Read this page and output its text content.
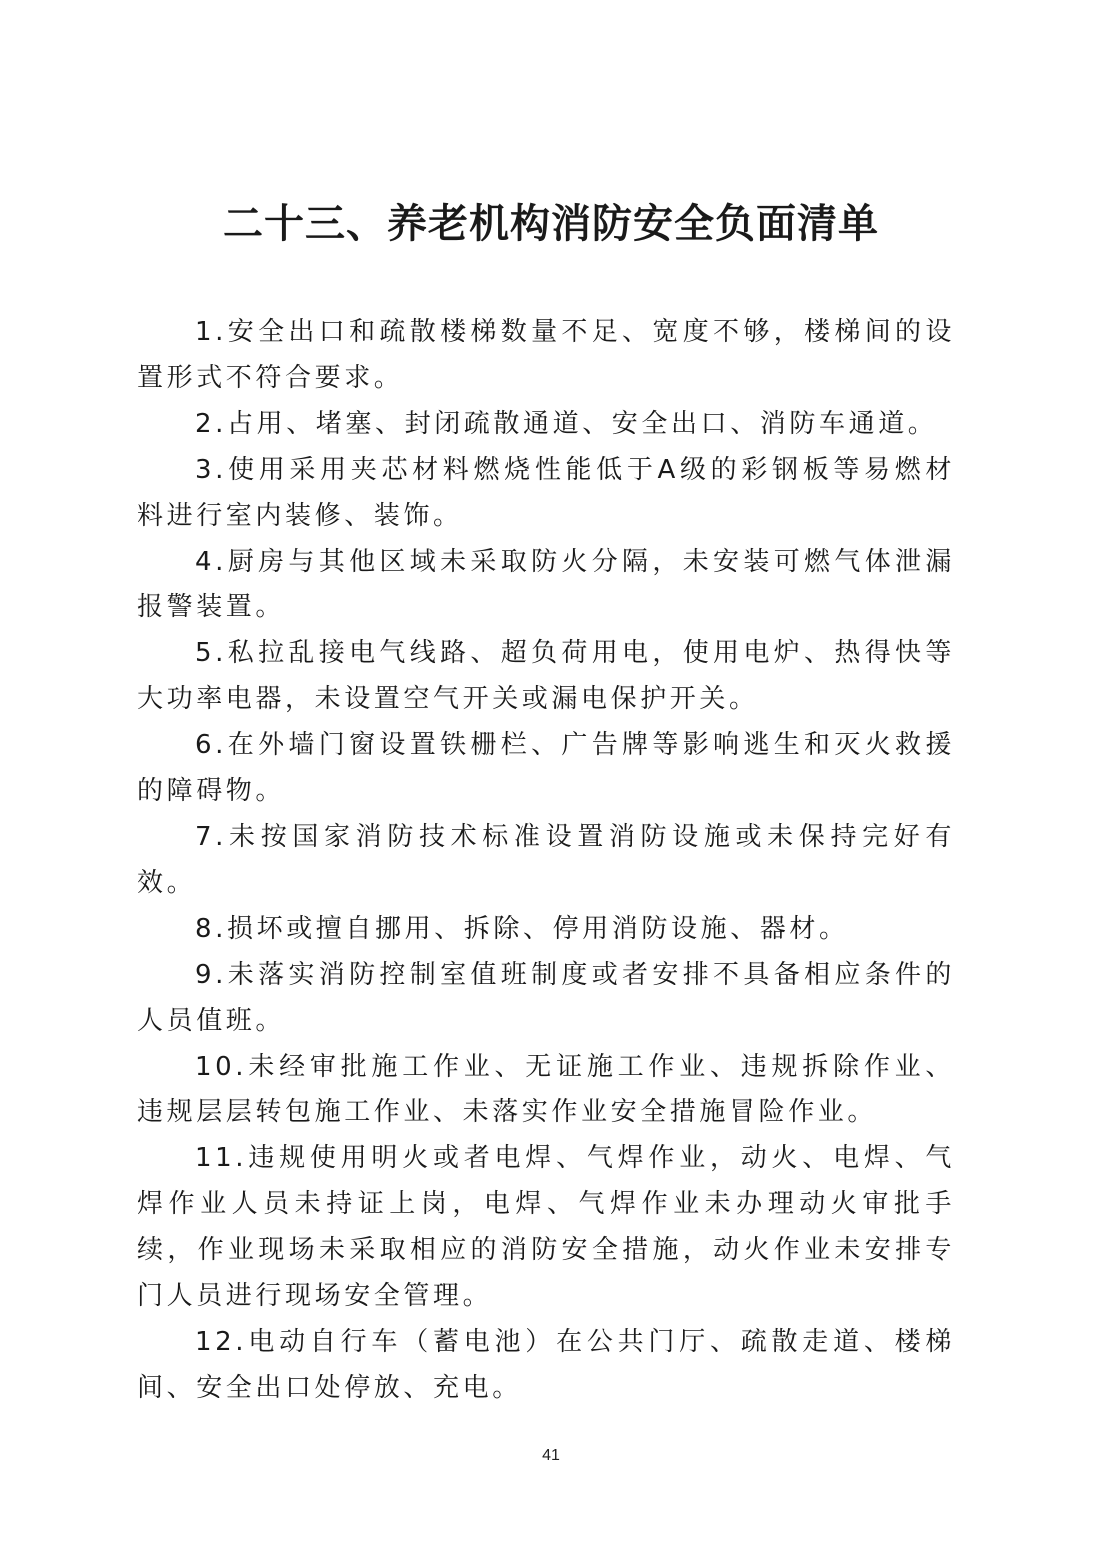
二十三、养老机构消防安全负面清单

1.安全出口和疏散楼梯数量不足、宽度不够，楼梯间的设置形式不符合要求。

2.占用、堵塞、封闭疏散通道、安全出口、消防车通道。

3.使用采用夹芯材料燃烧性能低于A级的彩钢板等易燃材料进行室内装修、装饰。

4.厨房与其他区域未采取防火分隔，未安装可燃气体泄漏报警装置。

5.私拉乱接电气线路、超负荷用电，使用电炉、热得快等大功率电器，未设置空气开关或漏电保护开关。

6.在外墙门窗设置铁栅栏、广告牌等影响逃生和灭火救援的障碍物。

7.未按国家消防技术标准设置消防设施或未保持完好有效。

8.损坏或擅自挪用、拆除、停用消防设施、器材。

9.未落实消防控制室值班制度或者安排不具备相应条件的人员值班。

10.未经审批施工作业、无证施工作业、违规拆除作业、违规层层转包施工作业、未落实作业安全措施冒险作业。

11.违规使用明火或者电焊、气焊作业，动火、电焊、气焊作业人员未持证上岗，电焊、气焊作业未办理动火审批手续，作业现场未采取相应的消防安全措施，动火作业未安排专门人员进行现场安全管理。

12.电动自行车（蓄电池）在公共门厅、疏散走道、楼梯间、安全出口处停放、充电。

41
